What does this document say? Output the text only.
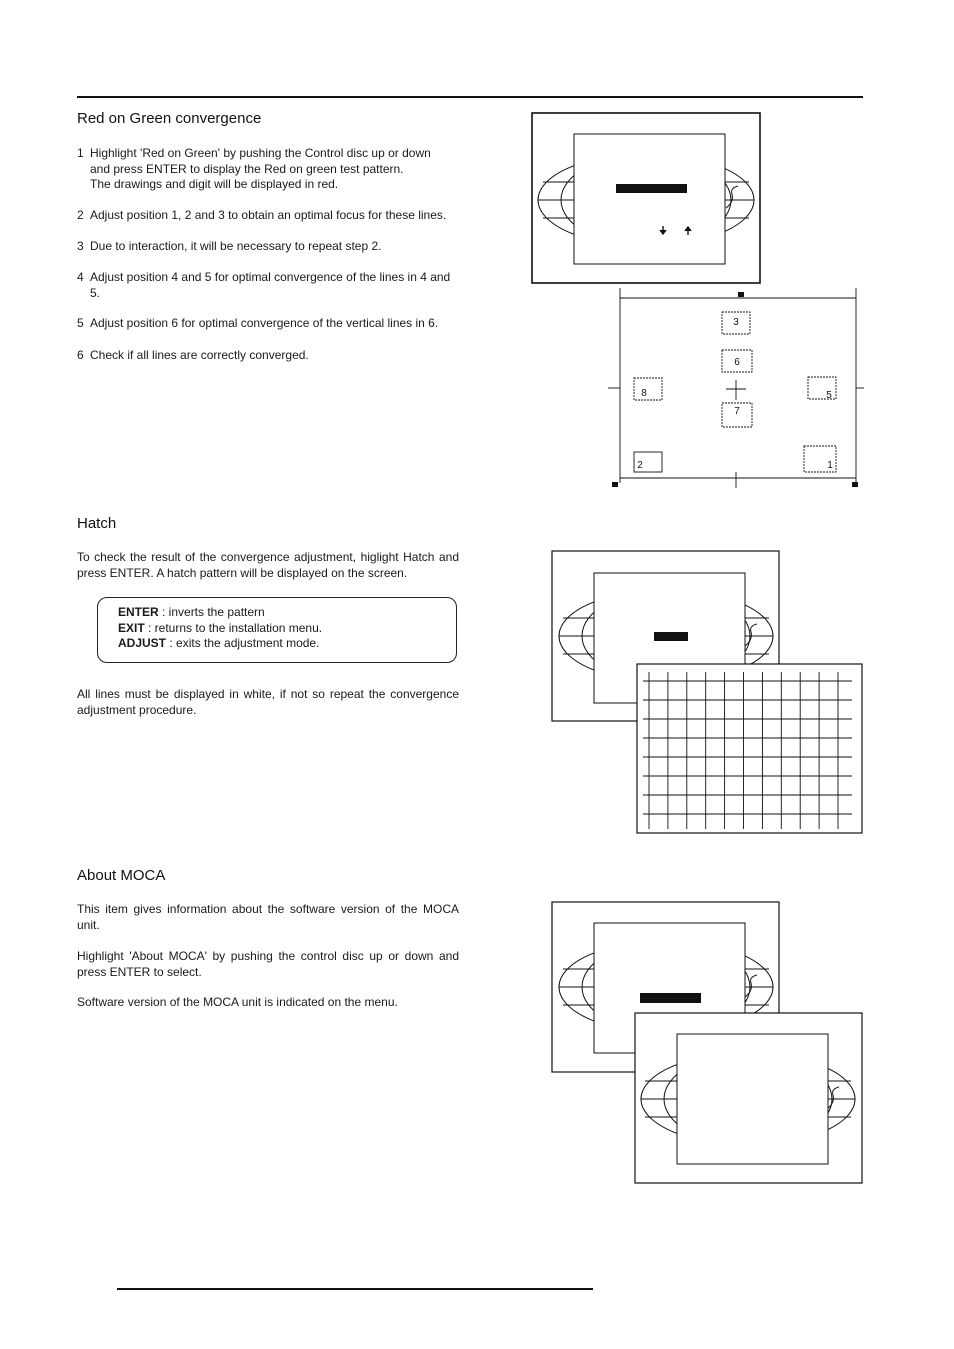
Red on Green convergence
1 Highlight 'Red on Green' by pushing the Control disc up or down
and press ENTER to display the Red on green test pattern.
The drawings and digit will be displayed in red.
2 Adjust position 1, 2 and 3 to obtain an optimal focus for these lines.
3 Due to interaction, it will be necessary to repeat step 2.
4 Adjust position 4 and 5 for optimal convergence of the lines in 4 and
5.
5 Adjust position 6 for optimal convergence of the vertical lines in 6.
6 Check if all lines are correctly converged.
3
6
7
8	5
2	1
Hatch
To check the result of the convergence adjustment, higlight Hatch and press ENTER. A hatch pattern will be displayed on the screen.
ENTER : inverts the pattern
EXIT : returns to the installation menu.
ADJUST : exits the adjustment mode.
All lines must be displayed in white, if not so repeat the convergence adjustment procedure.
About MOCA
This item gives information about the software version of the MOCA unit.
Highlight 'About MOCA' by pushing the control disc up or down and press ENTER to select.
Software version of the MOCA unit is indicated on the menu.
